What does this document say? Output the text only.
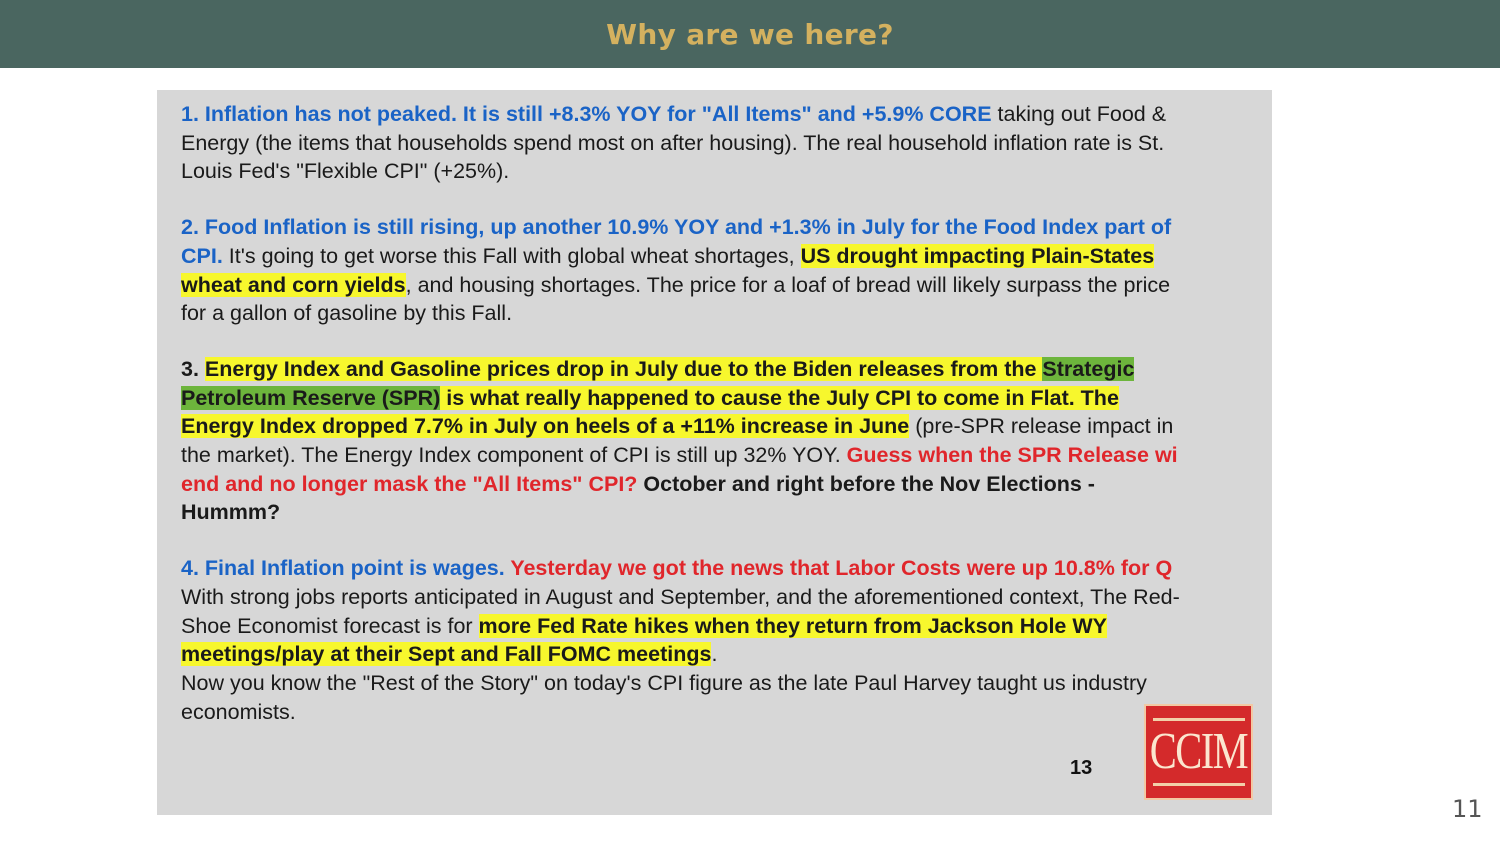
Why are we here?
1. Inflation has not peaked. It is still +8.3% YOY for "All Items" and +5.9% CORE taking out Food &
Energy (the items that households spend most on after housing). The real household inflation rate is St.
Louis Fed's "Flexible CPI" (+25%).
2. Food Inflation is still rising, up another 10.9% YOY and +1.3% in July for the Food Index part of
CPI. It's going to get worse this Fall with global wheat shortages, US drought impacting Plain-States
wheat and corn yields, and housing shortages. The price for a loaf of bread will likely surpass the price
for a gallon of gasoline by this Fall.
3. Energy Index and Gasoline prices drop in July due to the Biden releases from the Strategic
Petroleum Reserve (SPR) is what really happened to cause the July CPI to come in Flat. The
Energy Index dropped 7.7% in July on heels of a +11% increase in June (pre-SPR release impact in
the market). The Energy Index component of CPI is still up 32% YOY. Guess when the SPR Release wi
end and no longer mask the "All Items" CPI? October and right before the Nov Elections -
Hummm?
4. Final Inflation point is wages. Yesterday we got the news that Labor Costs were up 10.8% for Q
With strong jobs reports anticipated in August and September, and the aforementioned context, The Red-
Shoe Economist forecast is for more Fed Rate hikes when they return from Jackson Hole WY
meetings/play at their Sept and Fall FOMC meetings.
Now you know the "Rest of the Story" on today's CPI figure as the late Paul Harvey taught us industry
economists.
13 CCIM
11
